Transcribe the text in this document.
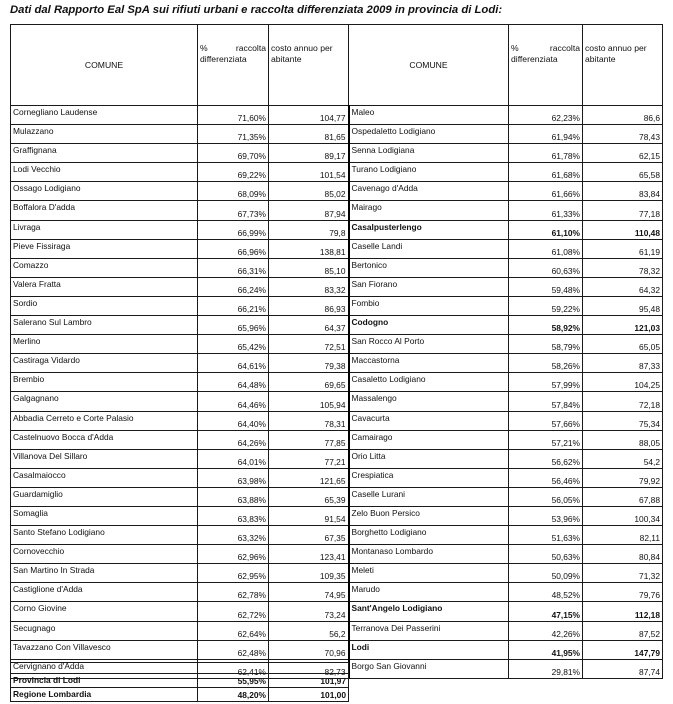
Dati dal Rapporto Eal SpA sui rifiuti urbani e raccolta differenziata 2009 in provincia di Lodi:
COMUNE	% raccolta differenziata	costo annuo per abitante	COMUNE	% raccolta differenziata	costo annuo per abitante
Cornegliano Laudense	71,60%	104,77	Maleo	62,23%	86,6
Mulazzano	71,35%	81,65	Ospedaletto Lodigiano	61,94%	78,43
Graffignana	69,70%	89,17	Senna Lodigiana	61,78%	62,15
Lodi Vecchio	69,22%	101,54	Turano Lodigiano	61,68%	65,58
Ossago Lodigiano	68,09%	85,02	Cavenago d'Adda	61,66%	83,84
Boffalora D'adda	67,73%	87,94	Mairago	61,33%	77,18
Livraga	66,99%	79,8	Casalpusterlengo	61,10%	110,48
Pieve Fissiraga	66,96%	138,81	Caselle Landi	61,08%	61,19
Comazzo	66,31%	85,10	Bertonico	60,63%	78,32
Valera Fratta	66,24%	83,32	San Fiorano	59,48%	64,32
Sordio	66,21%	86,93	Fombio	59,22%	95,48
Salerano Sul Lambro	65,96%	64,37	Codogno	58,92%	121,03
Merlino	65,42%	72,51	San Rocco Al Porto	58,79%	65,05
Castiraga Vidardo	64,61%	79,38	Maccastorna	58,26%	87,33
Brembio	64,48%	69,65	Casaletto Lodigiano	57,99%	104,25
Galgagnano	64,46%	105,94	Massalengo	57,84%	72,18
Abbadia Cerreto e Corte Palasio	64,40%	78,31	Cavacurta	57,66%	75,34
Castelnuovo Bocca d'Adda	64,26%	77,85	Camairago	57,21%	88,05
Villanova Del Sillaro	64,01%	77,21	Orio Litta	56,62%	54,2
Casalmaiocco	63,98%	121,65	Crespiatica	56,46%	79,92
Guardamiglio	63,88%	65,39	Caselle Lurani	56,05%	67,88
Somaglia	63,83%	91,54	Zelo Buon Persico	53,96%	100,34
Santo Stefano Lodigiano	63,32%	67,35	Borghetto Lodigiano	51,63%	82,11
Cornovecchio	62,96%	123,41	Montanaso Lombardo	50,63%	80,84
San Martino In Strada	62,95%	109,35	Meleti	50,09%	71,32
Castiglione d'Adda	62,78%	74,95	Marudo	48,52%	79,76
Corno Giovine	62,72%	73,24	Sant'Angelo Lodigiano	47,15%	112,18
Secugnago	62,64%	56,2	Terranova Dei Passerini	42,26%	87,52
Tavazzano Con Villavesco	62,48%	70,96	Lodi	41,95%	147,79
Cervignano d'Adda	62,41%	82,73	Borgo San Giovanni	29,81%	87,74

Provincia di Lodi	55,95%	101,97
Regione Lombardia	48,20%	101,00
